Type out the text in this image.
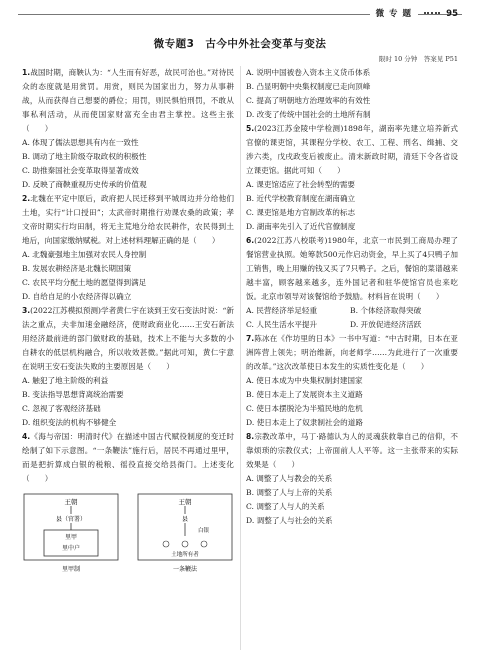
微 专 题	95
微专题3　古今中外社会变革与变法
限时 10 分钟　答案见 P51
1.战国时期，商鞅认为：“人生而有好恶，故民可治也。”对待民众的态度就是用赏罚。用赏，则民为国家出力，努力从事耕战，从而获得自己想要的爵位；用罚，则民惧怕刑罚，不敢从事私利活动，从而使国家财富充全由君主掌控。这些主张（　　）
A. 体现了儒法思想具有内在一致性
B. 调动了地主阶级夺取政权的积极性
C. 助推秦国社会变革取得显著成效
D. 反映了商鞅重视历史传承的价值观
2.北魏在平定中原后，政府把人民迁移到平城周边并分给他们土地，实行“计口授田”；太武帝时期推行劝课农桑的政策；孝文帝时期实行均田制，将无主荒地分给农民耕作，农民得到土地后，向国家缴纳赋税。对上述材料理解正确的是（　　）
A. 北魏豪强地主加强对农民人身控制
B. 发展农耕经济是北魏长期国策
C. 农民平均分配土地的愿望得到满足
D. 自给自足的小农经济得以确立
3.(2022江苏模拟预测)学者黄仁宇在谈到王安石变法时说：“新法之重点，夫非加速金融经济，使财政商业化……王安石新法用经济最前进的部门做财政的基础，技术上不能与大多数的小自耕农的低层机构融合，所以收效甚微。”据此可知，黄仁宇意在说明王安石变法失败的主要原因是（　　）
A. 触犯了地主阶级的利益
B. 变法指导思想背离统治需要
C. 忽视了客观经济基础
D. 组织变法的机构不够健全
4.《海与帝国：明清时代》在描述中国古代赋役制度的变迁时绘制了如下示意图。“一条鞭法”施行后，居民不再通过里甲，而是把折算成白银的税粮、徭役直接交给县衙门。上述变化（　　）
王朝
县（官署）
里甲
里中户
里甲制
王朝
县
白银
土地所有者
一条鞭法
A. 说明中国被卷入资本主义货币体系
B. 凸显明朝中央集权制度已走向顶峰
C. 提高了明朝地方治理效率的有效性
D. 改变了传统中国社会的土地所有制
5.(2023江苏金陵中学检测)1898年，湖南率先建立培养新式官僚的课吏馆，其课程分学校、农工、工程、刑名、缉捕、交涉六类，戊戌政变后被废止。清末新政时期，清廷下令各省设立课吏馆。据此可知（　　）
A. 课吏馆适应了社会转型的需要
B. 近代学校教育制度在湖南确立
C. 课吏馆是地方官制改革的标志
D. 湖南率先引入了近代官僚制度
6.(2022江苏八校联考)1980年，北京一市民到工商局办理了餐馆营业执照。她筹款500元作启动资金，早上买了4只鸭子加工销售，晚上用赚的钱又买了7只鸭子。之后，餐馆的菜谱越来越丰富，顾客越来越多，连外国记者和驻华使馆官员也来吃饭。北京市领导对该餐馆给予鼓励。材料旨在说明（　　）
A. 民营经济举足轻重	B. 个体经济取得突破
C. 人民生活水平提升	D. 开放促进经济活跃
7.陈冰在《作坊里的日本》一书中写道：“中古时期，日本在亚洲阵营上领先；明治维新，向老师学……为此进行了一次重要的改革。”这次改革使日本发生的实质性变化是（　　）
A. 使日本成为中央集权制封建国家
B. 使日本走上了发展资本主义道路
C. 使日本摆脱沦为半殖民地的危机
D. 使日本走上了奴隶制社会的道路
8.宗教改革中，马丁·路德认为人的灵魂获救靠自己的信仰，不靠烦琐的宗教仪式；上帝面前人人平等。这一主张带来的实际效果是（　　）
A. 调整了人与教会的关系
B. 调整了人与上帝的关系
C. 调整了人与人的关系
D. 调整了人与社会的关系
